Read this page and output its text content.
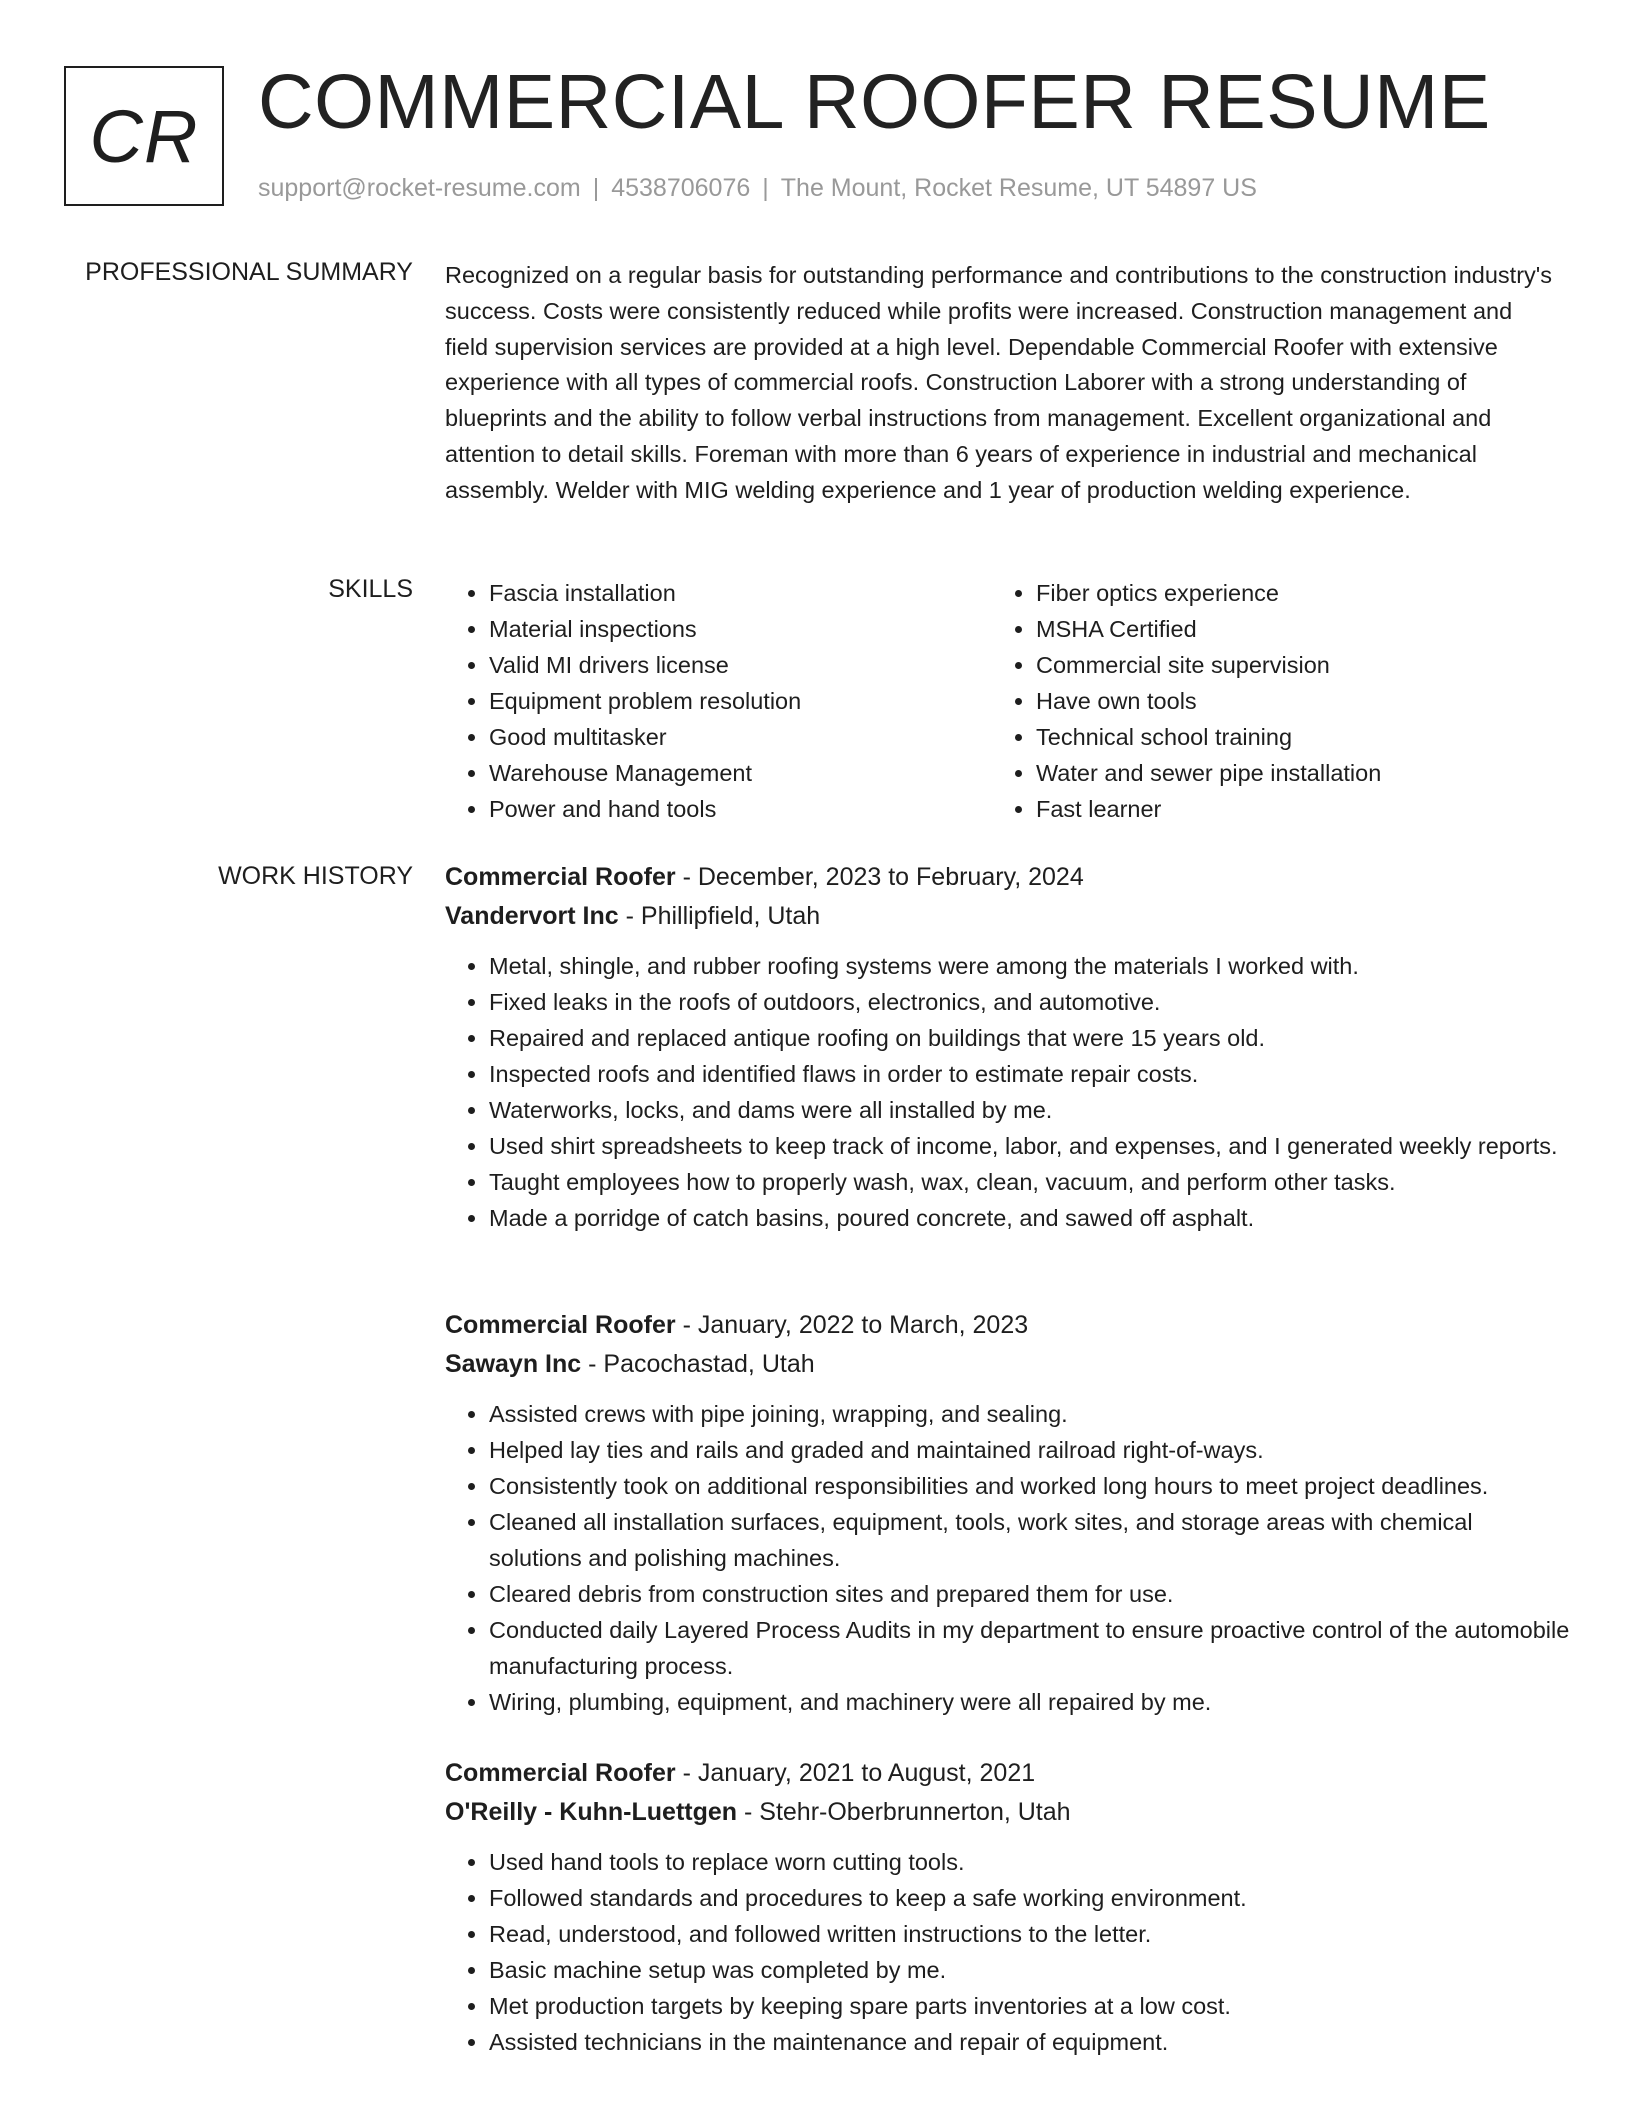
CR COMMERCIAL ROOFER RESUME
support@rocket-resume.com | 4538706076 | The Mount, Rocket Resume, UT 54897 US
PROFESSIONAL SUMMARY Recognized on a regular basis for outstanding performance and contributions to the construction industry's success. Costs were consistently reduced while profits were increased. Construction management and field supervision services are provided at a high level. Dependable Commercial Roofer with extensive experience with all types of commercial roofs. Construction Laborer with a strong understanding of blueprints and the ability to follow verbal instructions from management. Excellent organizational and attention to detail skills. Foreman with more than 6 years of experience in industrial and mechanical assembly. Welder with MIG welding experience and 1 year of production welding experience.

SKILLS
•	Fascia installation
• Material inspections
• Valid MI drivers license
• Equipment problem resolution
• Good multitasker
• Warehouse Management
• Power and hand tools
• Fiber optics experience
• MSHA Certified
• Commercial site supervision
• Have own tools
• Technical school training
• Water and sewer pipe installation
• Fast learner
WORK HISTORY Commercial Roofer - December, 2023 to February, 2024
Vandervort Inc - Phillipfield, Utah
• Metal, shingle, and rubber roofing systems were among the materials I worked with.
• Fixed leaks in the roofs of outdoors, electronics, and automotive.
• Repaired and replaced antique roofing on buildings that were 15 years old.
• Inspected roofs and identified flaws in order to estimate repair costs.
• Waterworks, locks, and dams were all installed by me.
• Used shirt spreadsheets to keep track of income, labor, and expenses, and I generated weekly reports.
• Taught employees how to properly wash, wax, clean, vacuum, and perform other tasks.
• Made a porridge of catch basins, poured concrete, and sawed off asphalt.
Commercial Roofer - January, 2022 to March, 2023
Sawayn Inc - Pacochastad, Utah
• Assisted crews with pipe joining, wrapping, and sealing.
• Helped lay ties and rails and graded and maintained railroad right-of-ways.
• Consistently took on additional responsibilities and worked long hours to meet project deadlines.
• Cleaned all installation surfaces, equipment, tools, work sites, and storage areas with chemical solutions and polishing machines.
• Cleared debris from construction sites and prepared them for use.
• Conducted daily Layered Process Audits in my department to ensure proactive control of the automobile manufacturing process.
• Wiring, plumbing, equipment, and machinery were all repaired by me.
Commercial Roofer - January, 2021 to August, 2021
O'Reilly - Kuhn-Luettgen - Stehr-Oberbrunnerton, Utah
• Used hand tools to replace worn cutting tools.
• Followed standards and procedures to keep a safe working environment.
• Read, understood, and followed written instructions to the letter.
• Basic machine setup was completed by me.
• Met production targets by keeping spare parts inventories at a low cost.
• Assisted technicians in the maintenance and repair of equipment.
